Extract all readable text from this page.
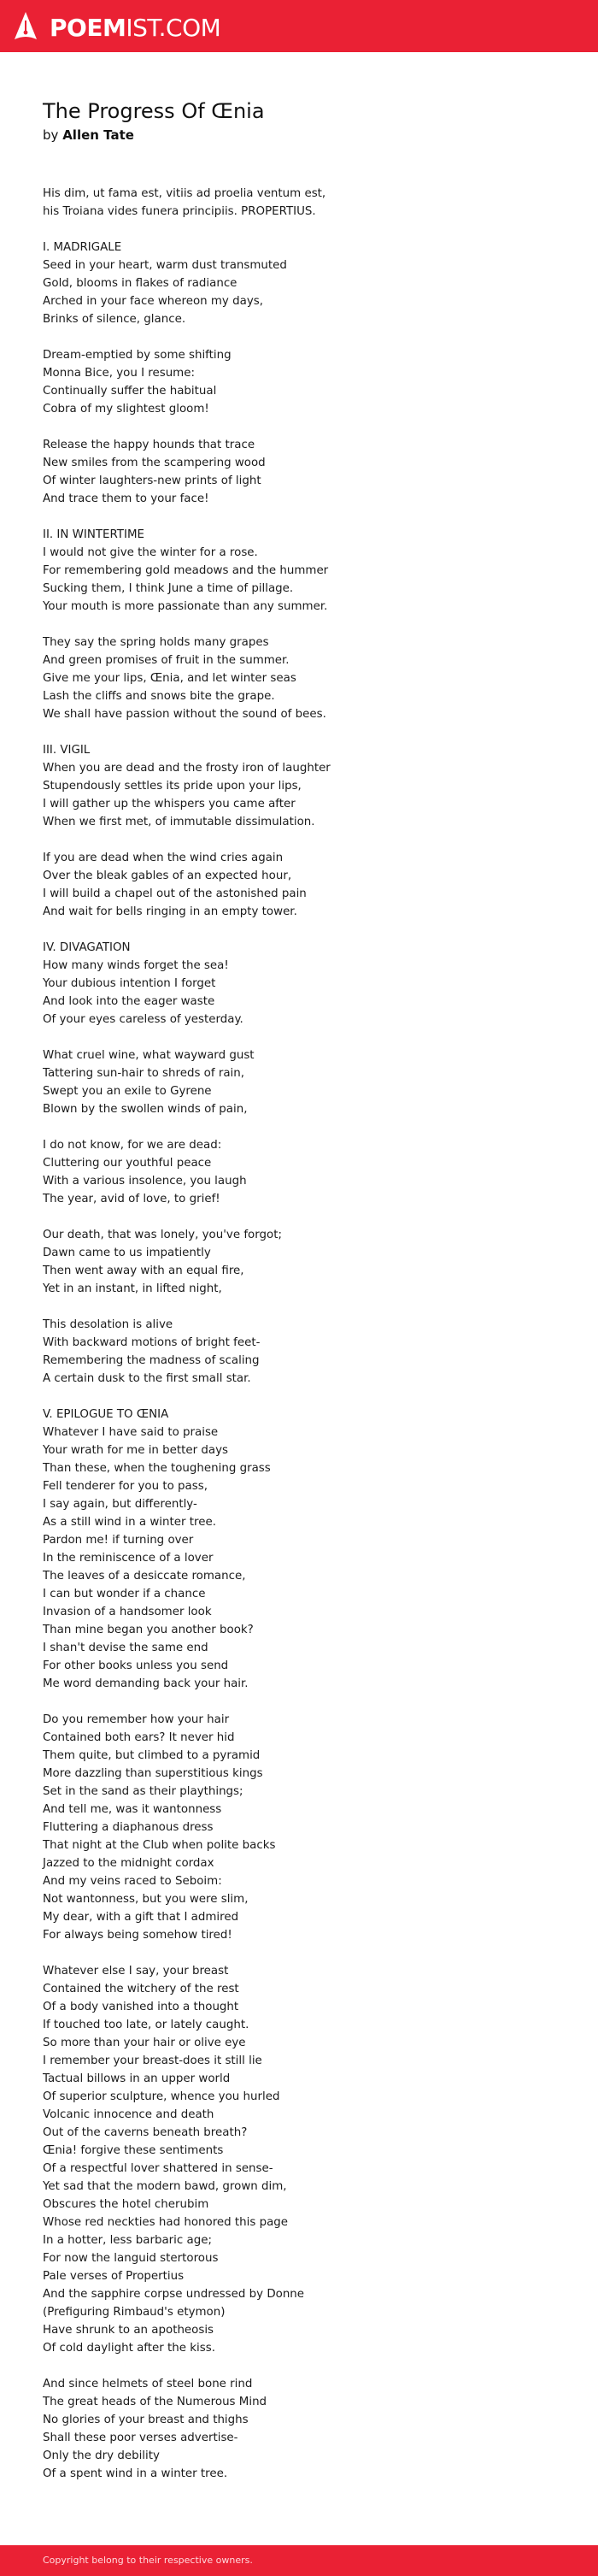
POEM IST.COM
The Progress Of Œnia
by Allen Tate
His dim, ut fama est, vitiis ad proelia ventum est,
his Troiana vides funera principiis. PROPERTIUS.
I. MADRIGALE
Seed in your heart, warm dust transmuted
Gold, blooms in flakes of radiance
Arched in your face whereon my days,
Brinks of silence, glance.
Dream-emptied by some shifting
Monna Bice, you I resume:
Continually suffer the habitual
Cobra of my slightest gloom!
Release the happy hounds that trace
New smiles from the scampering wood
Of winter laughters-new prints of light
And trace them to your face!
II. IN WINTERTIME
I would not give the winter for a rose.
For remembering gold meadows and the hummer
Sucking them, I think June a time of pillage.
Your mouth is more passionate than any summer.
They say the spring holds many grapes
And green promises of fruit in the summer.
Give me your lips, Œnia, and let winter seas
Lash the cliffs and snows bite the grape.
We shall have passion without the sound of bees.
III. VIGIL
When you are dead and the frosty iron of laughter
Stupendously settles its pride upon your lips,
I will gather up the whispers you came after
When we first met, of immutable dissimulation.
If you are dead when the wind cries again
Over the bleak gables of an expected hour,
I will build a chapel out of the astonished pain
And wait for bells ringing in an empty tower.
IV. DIVAGATION
How many winds forget the sea!
Your dubious intention I forget
And look into the eager waste
Of your eyes careless of yesterday.
What cruel wine, what wayward gust
Tattering sun-hair to shreds of rain,
Swept you an exile to Gyrene
Blown by the swollen winds of pain,
I do not know, for we are dead:
Cluttering our youthful peace
With a various insolence, you laugh
The year, avid of love, to grief!
Our death, that was lonely, you've forgot;
Dawn came to us impatiently
Then went away with an equal fire,
Yet in an instant, in lifted night,
This desolation is alive
With backward motions of bright feet-
Remembering the madness of scaling
A certain dusk to the first small star.
V. EPILOGUE TO ŒNIA
Whatever I have said to praise
Your wrath for me in better days
Than these, when the toughening grass
Fell tenderer for you to pass,
I say again, but differently-
As a still wind in a winter tree.
Pardon me! if turning over
In the reminiscence of a lover
The leaves of a desiccate romance,
I can but wonder if a chance
Invasion of a handsomer look
Than mine began you another book?
I shan't devise the same end
For other books unless you send
Me word demanding back your hair.
Do you remember how your hair
Contained both ears? It never hid
Them quite, but climbed to a pyramid
More dazzling than superstitious kings
Set in the sand as their playthings;
And tell me, was it wantonness
Fluttering a diaphanous dress
That night at the Club when polite backs
Jazzed to the midnight cordax
And my veins raced to Seboim:
Not wantonness, but you were slim,
My dear, with a gift that I admired
For always being somehow tired!
Whatever else I say, your breast
Contained the witchery of the rest
Of a body vanished into a thought
If touched too late, or lately caught.
So more than your hair or olive eye
I remember your breast-does it still lie
Tactual billows in an upper world
Of superior sculpture, whence you hurled
Volcanic innocence and death
Out of the caverns beneath breath?
Œnia! forgive these sentiments
Of a respectful lover shattered in sense-
Yet sad that the modern bawd, grown dim,
Obscures the hotel cherubim
Whose red neckties had honored this page
In a hotter, less barbaric age;
For now the languid stertorous
Pale verses of Propertius
And the sapphire corpse undressed by Donne
(Prefiguring Rimbaud's etymon)
Have shrunk to an apotheosis
Of cold daylight after the kiss.
And since helmets of steel bone rind
The great heads of the Numerous Mind
No glories of your breast and thighs
Shall these poor verses advertise-
Only the dry debility
Of a spent wind in a winter tree.
Copyright belong to their respective owners.
